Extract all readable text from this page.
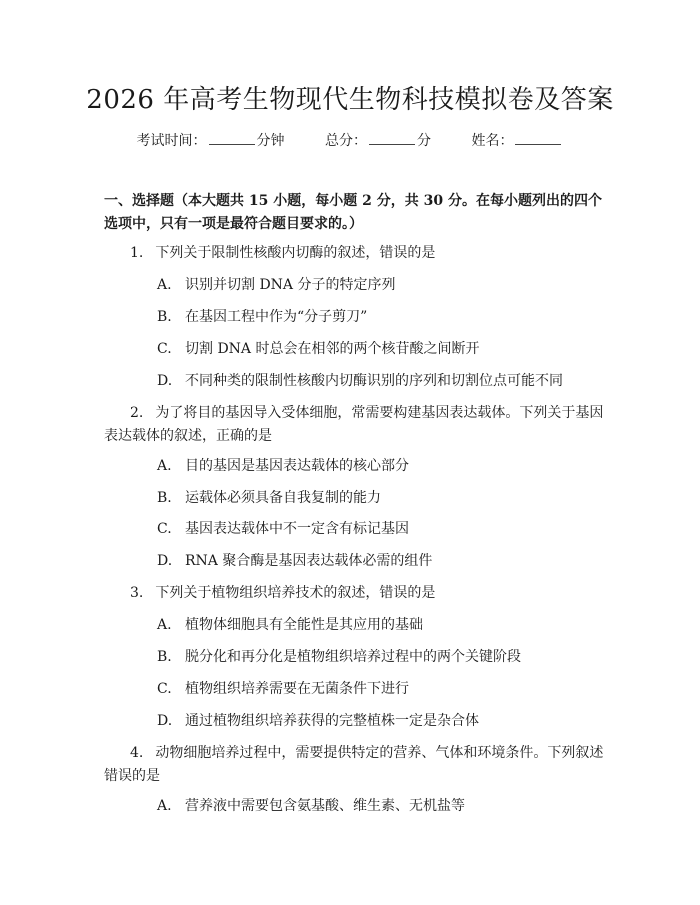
2026 年高考生物现代生物科技模拟卷及答案
考试时间：	分钟	总分：	分	姓名：
一、选择题（本大题共 15 小题，每小题 2 分，共 30 分。在每小题列出的四个选项中，只有一项是最符合题目要求的。）
1. 下列关于限制性核酸内切酶的叙述，错误的是
A. 识别并切割 DNA 分子的特定序列
B. 在基因工程中作为“分子剪刀”
C. 切割 DNA 时总会在相邻的两个核苷酸之间断开
D. 不同种类的限制性核酸内切酶识别的序列和切割位点可能不同
2. 为了将目的基因导入受体细胞，常需要构建基因表达载体。下列关于基因表达载体的叙述，正确的是
A. 目的基因是基因表达载体的核心部分
B. 运载体必须具备自我复制的能力
C. 基因表达载体中不一定含有标记基因
D. RNA 聚合酶是基因表达载体必需的组件
3. 下列关于植物组织培养技术的叙述，错误的是
A. 植物体细胞具有全能性是其应用的基础
B. 脱分化和再分化是植物组织培养过程中的两个关键阶段
C. 植物组织培养需要在无菌条件下进行
D. 通过植物组织培养获得的完整植株一定是杂合体
4. 动物细胞培养过程中，需要提供特定的营养、气体和环境条件。下列叙述错误的是
A. 营养液中需要包含氨基酸、维生素、无机盐等
